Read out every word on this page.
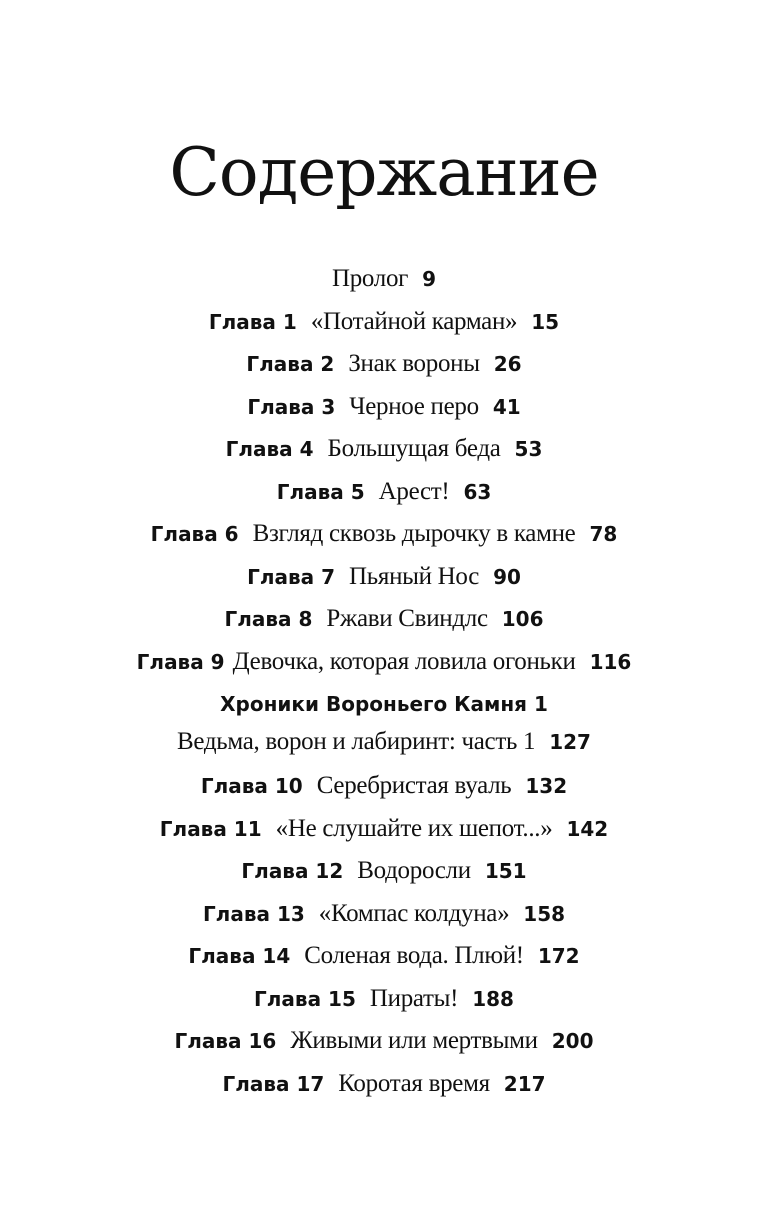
Содержание
Пролог 9
Глава 1 «Потайной карман» 15
Глава 2 Знак вороны 26
Глава 3 Черное перо 41
Глава 4 Большущая беда 53
Глава 5 Арест! 63
Глава 6 Взгляд сквозь дырочку в камне 78
Глава 7 Пьяный Нос 90
Глава 8 Ржави Свиндлс 106
Глава 9 Девочка, которая ловила огоньки 116
Хроники Вороньего Камня 1
Ведьма, ворон и лабиринт: часть 1 127
Глава 10 Серебристая вуаль 132
Глава 11 «Не слушайте их шепот...» 142
Глава 12 Водоросли 151
Глава 13 «Компас колдуна» 158
Глава 14 Соленая вода. Плюй! 172
Глава 15 Пираты! 188
Глава 16 Живыми или мертвыми 200
Глава 17 Коротая время 217
